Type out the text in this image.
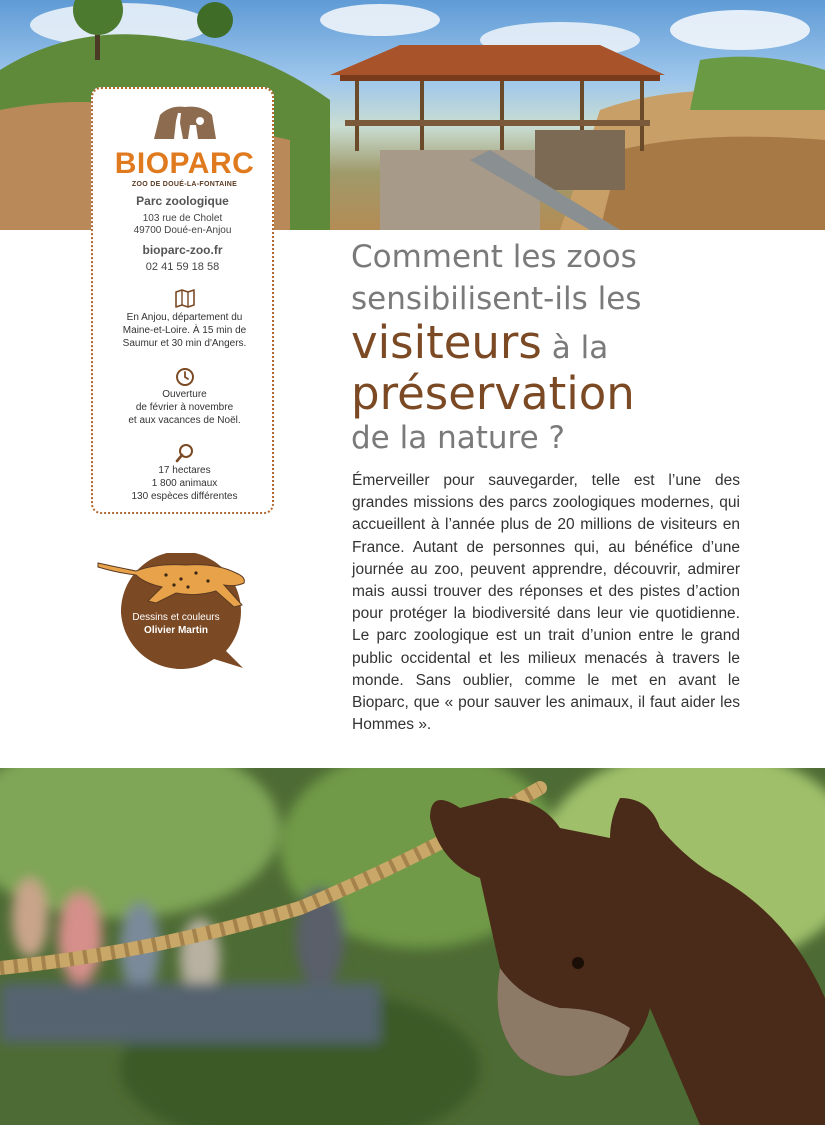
BIOPARC
ZOO DE DOUÉ-LA-FONTAINE
Parc zoologique
103 rue de Cholet
49700 Doué-en-Anjou
bioparc-zoo.fr
02 41 59 18 58
En Anjou, département du
Maine-et-Loire. À 15 min de
Saumur et 30 min d'Angers.
Ouverture
de février à novembre
et aux vacances de Noël.
17 hectares
1 800 animaux
130 espèces différentes
Dessins et couleurs
Olivier Martin
Comment les zoos
sensibilisent-ils les
visiteurs à la
préservation
de la nature ?
Émerveiller pour sauvegarder, telle est l’une des grandes missions des parcs zoologiques modernes, qui accueillent à l’année plus de 20 millions de visiteurs en France. Autant de personnes qui, au bénéfice d’une journée au zoo, peuvent apprendre, découvrir, admirer mais aussi trouver des réponses et des pistes d’action pour protéger la biodiversité dans leur vie quotidienne. Le parc zoologique est un trait d’union entre le grand public occidental et les milieux menacés à travers le monde. Sans oublier, comme le met en avant le Bioparc, que « pour sauver les animaux, il faut aider les Hommes ».
